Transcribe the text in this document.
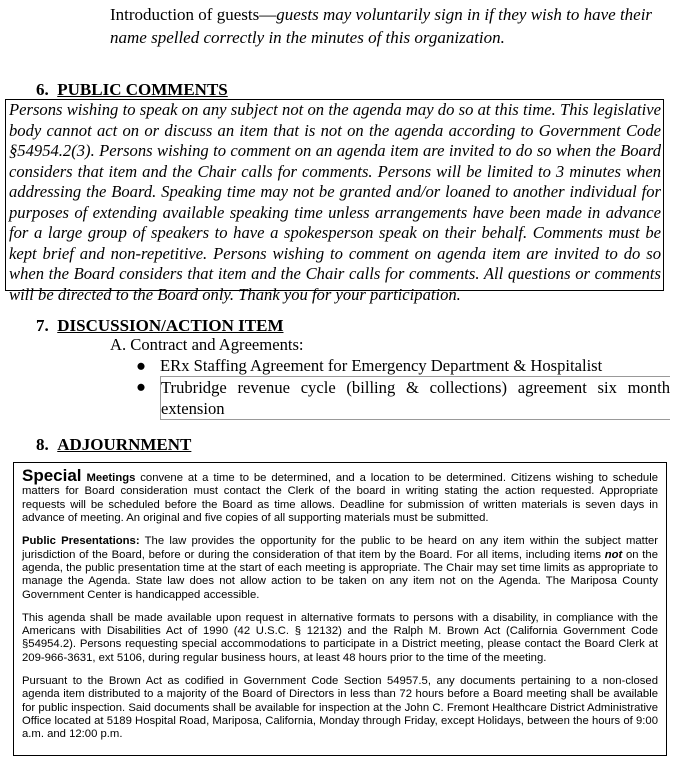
Introduction of guests—guests may voluntarily sign in if they wish to have their name spelled correctly in the minutes of this organization.
6. PUBLIC COMMENTS
Persons wishing to speak on any subject not on the agenda may do so at this time. This legislative body cannot act on or discuss an item that is not on the agenda according to Government Code §54954.2(3). Persons wishing to comment on an agenda item are invited to do so when the Board considers that item and the Chair calls for comments. Persons will be limited to 3 minutes when addressing the Board. Speaking time may not be granted and/or loaned to another individual for purposes of extending available speaking time unless arrangements have been made in advance for a large group of speakers to have a spokesperson speak on their behalf. Comments must be kept brief and non-repetitive. Persons wishing to comment on agenda item are invited to do so when the Board considers that item and the Chair calls for comments. All questions or comments will be directed to the Board only. Thank you for your participation.
7. DISCUSSION/ACTION ITEM
A. Contract and Agreements:
● ERx Staffing Agreement for Emergency Department & Hospitalist
● Trubridge revenue cycle (billing & collections) agreement six month extension
8. ADJOURNMENT

Special Meetings convene at a time to be determined, and a location to be determined. Citizens wishing to schedule matters for Board consideration must contact the Clerk of the board in writing stating the action requested. Appropriate requests will be scheduled before the Board as time allows. Deadline for submission of written materials is seven days in advance of meeting. An original and five copies of all supporting materials must be submitted.

Public Presentations: The law provides the opportunity for the public to be heard on any item within the subject matter jurisdiction of the Board, before or during the consideration of that item by the Board. For all items, including items not on the agenda, the public presentation time at the start of each meeting is appropriate. The Chair may set time limits as appropriate to manage the Agenda. State law does not allow action to be taken on any item not on the Agenda. The Mariposa County Government Center is handicapped accessible.

This agenda shall be made available upon request in alternative formats to persons with a disability, in compliance with the Americans with Disabilities Act of 1990 (42 U.S.C. § 12132) and the Ralph M. Brown Act (California Government Code §54954.2). Persons requesting special accommodations to participate in a District meeting, please contact the Board Clerk at 209-966-3631, ext 5106, during regular business hours, at least 48 hours prior to the time of the meeting.

Pursuant to the Brown Act as codified in Government Code Section 54957.5, any documents pertaining to a non-closed agenda item distributed to a majority of the Board of Directors in less than 72 hours before a Board meeting shall be available for public inspection. Said documents shall be available for inspection at the John C. Fremont Healthcare District Administrative Office located at 5189 Hospital Road, Mariposa, California, Monday through Friday, except Holidays, between the hours of 9:00 a.m. and 12:00 p.m.
